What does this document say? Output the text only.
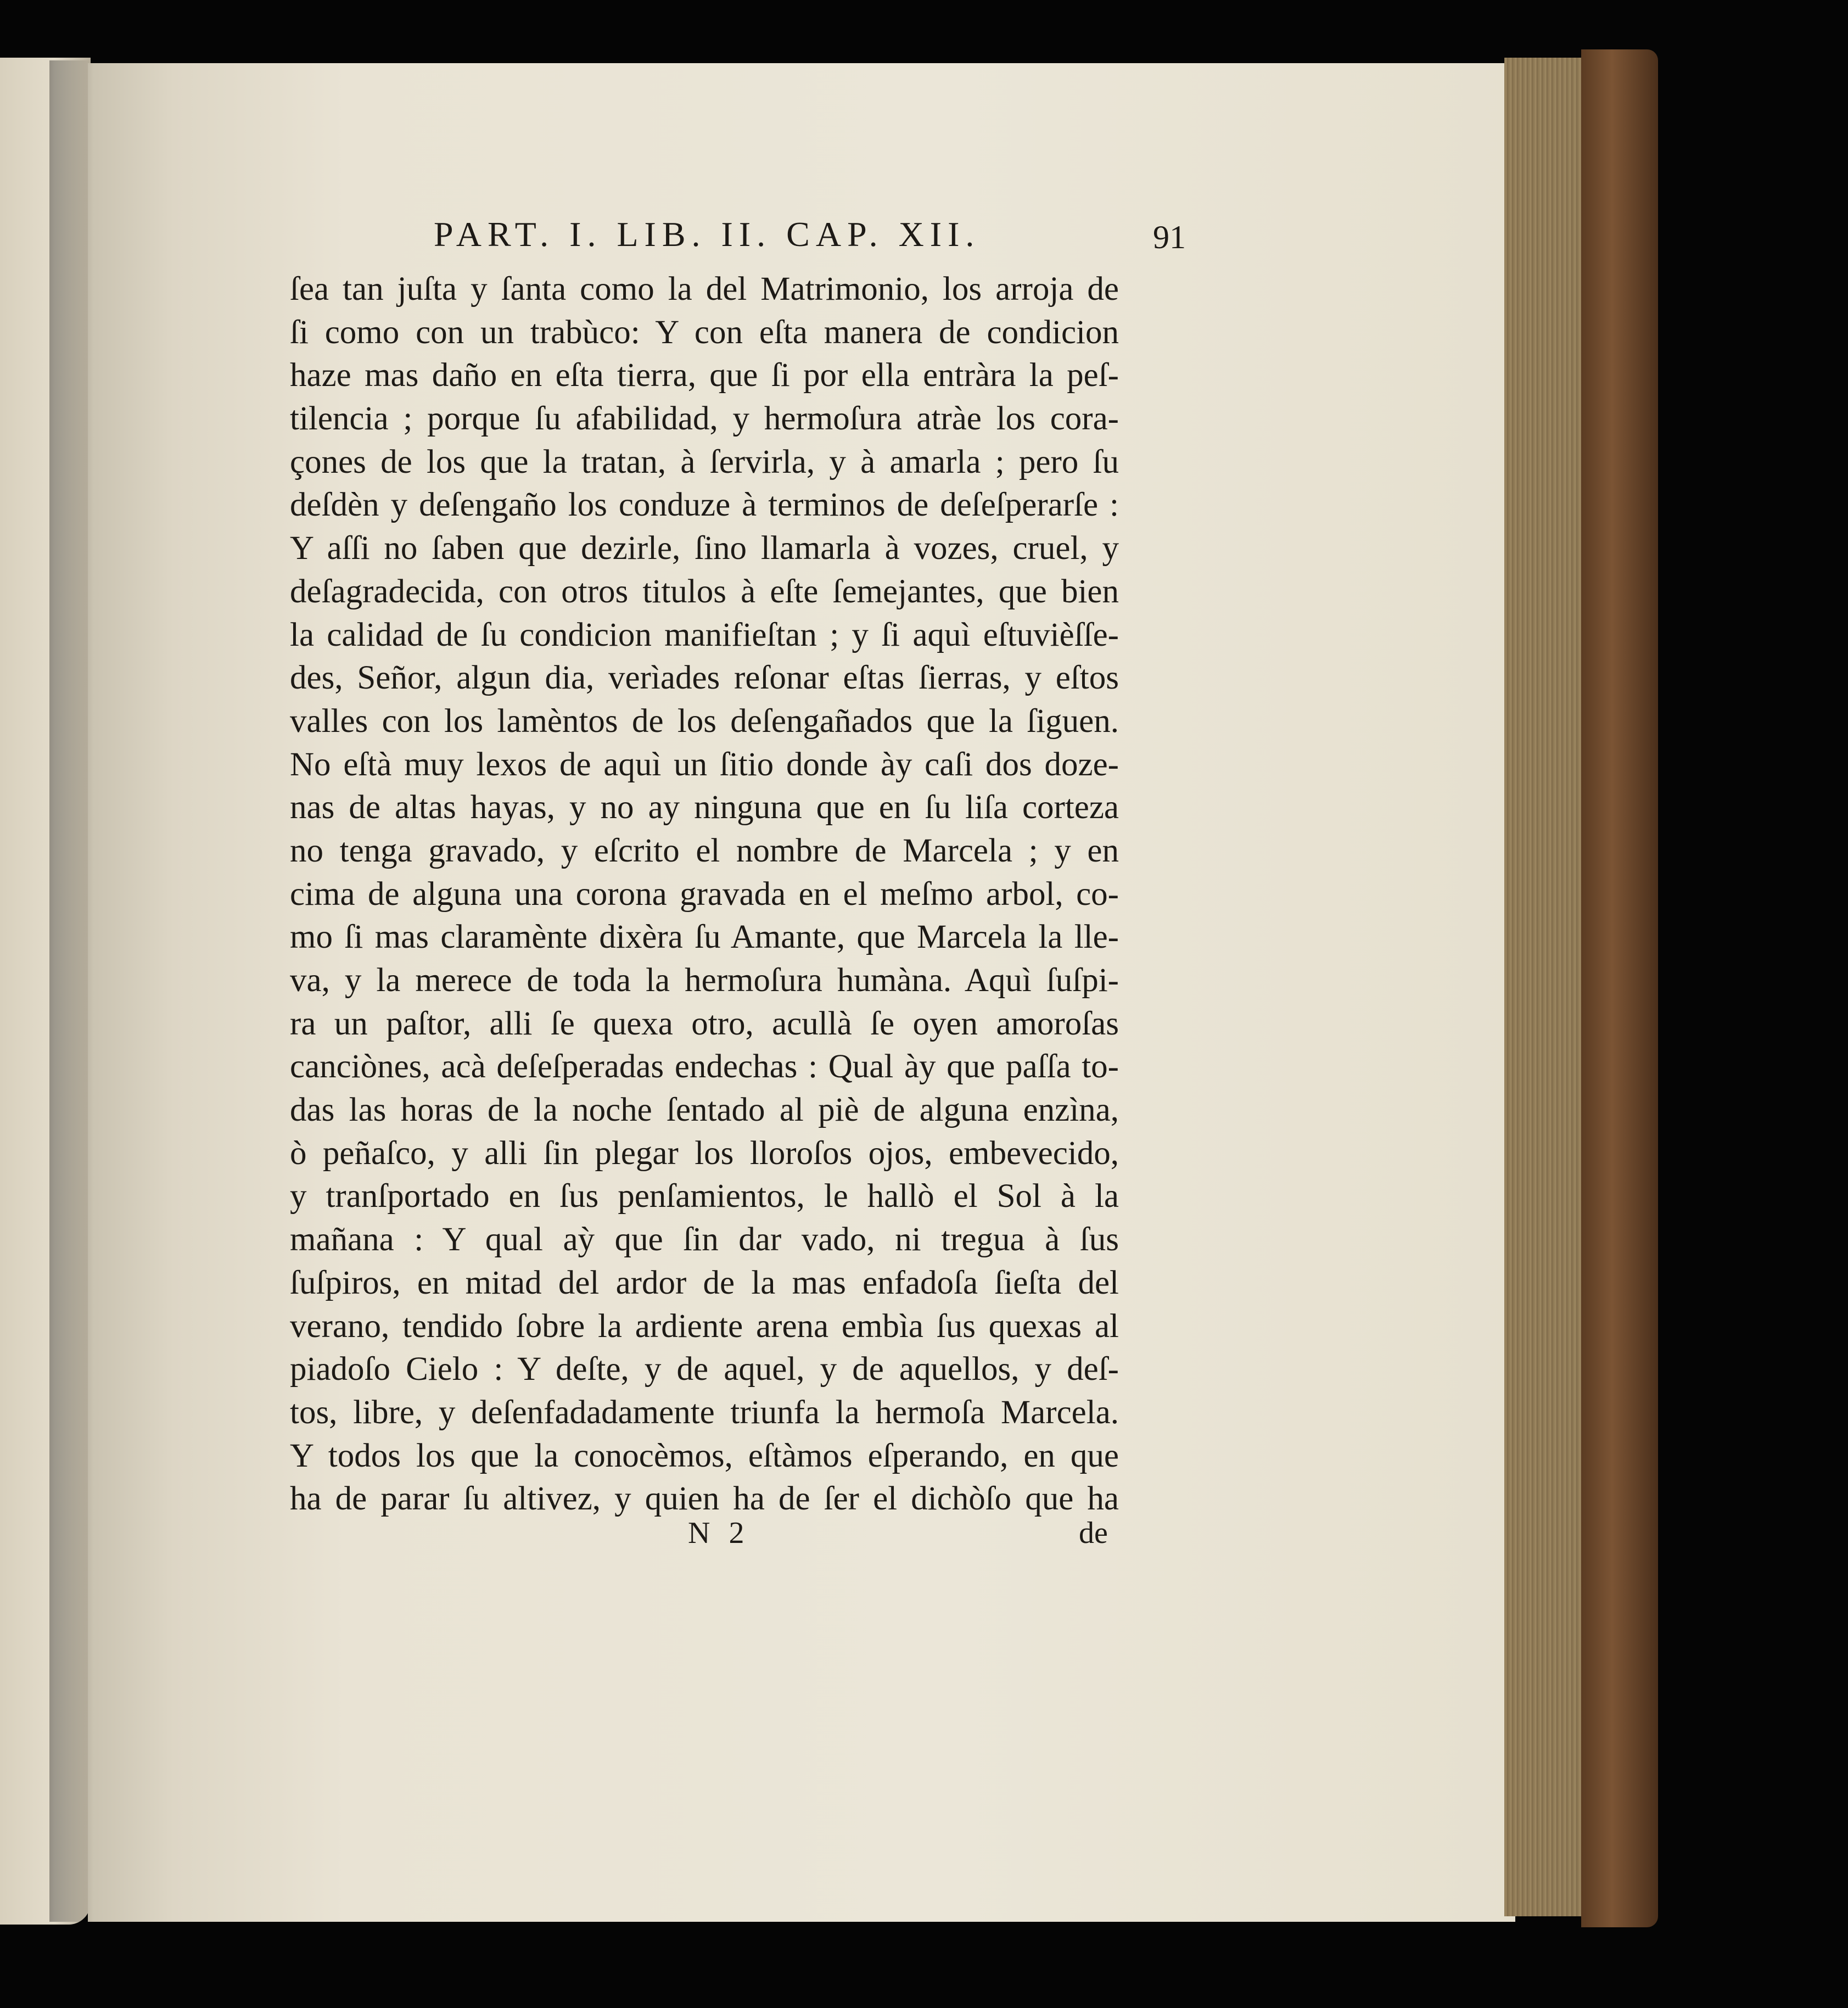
PART. I. LIB. II. CAP. XII.	91
ſea tan juſta y ſanta como la del Matrimonio, los arroja de
ſi como con un trabùco: Y con eſta manera de condicion
haze mas daño en eſta tierra, que ſi por ella entràra la peſ-
tilencia ; porque ſu afabilidad, y hermoſura atràe los cora-
çones de los que la tratan, à ſervirla, y à amarla ; pero ſu
deſdèn y deſengaño los conduze à terminos de deſeſperarſe :
Y aſſi no ſaben que dezirle, ſino llamarla à vozes, cruel, y
deſagradecida, con otros titulos à eſte ſemejantes, que bien
la calidad de ſu condicion manifieſtan ; y ſi aquì eſtuvièſſe-
des, Señor, algun dia, verìades reſonar eſtas ſierras, y eſtos
valles con los lamèntos de los deſengañados que la ſiguen.
No eſtà muy lexos de aquì un ſitio donde ày caſi dos doze-
nas de altas hayas, y no ay ninguna que en ſu liſa corteza
no tenga gravado, y eſcrito el nombre de Marcela ; y en
cima de alguna una corona gravada en el meſmo arbol, co-
mo ſi mas claramènte dixèra ſu Amante, que Marcela la lle-
va, y la merece de toda la hermoſura humàna. Aquì ſuſpi-
ra un paſtor, alli ſe quexa otro, acullà ſe oyen amoroſas
canciònes, acà deſeſperadas endechas : Qual ày que paſſa to-
das las horas de la noche ſentado al piè de alguna enzìna,
ò peñaſco, y alli ſin plegar los lloroſos ojos, embevecido,
y tranſportado en ſus penſamientos, le hallò el Sol à la
mañana : Y qual aỳ que ſin dar vado, ni tregua à ſus
ſuſpiros, en mitad del ardor de la mas enfadoſa ſieſta del
verano, tendido ſobre la ardiente arena embìa ſus quexas al
piadoſo Cielo : Y deſte, y de aquel, y de aquellos, y deſ-
tos, libre, y deſenfadadamente triunfa la hermoſa Marcela.
Y todos los que la conocèmos, eſtàmos eſperando, en que
ha de parar ſu altivez, y quien ha de ſer el dichòſo que ha
N 2	de
